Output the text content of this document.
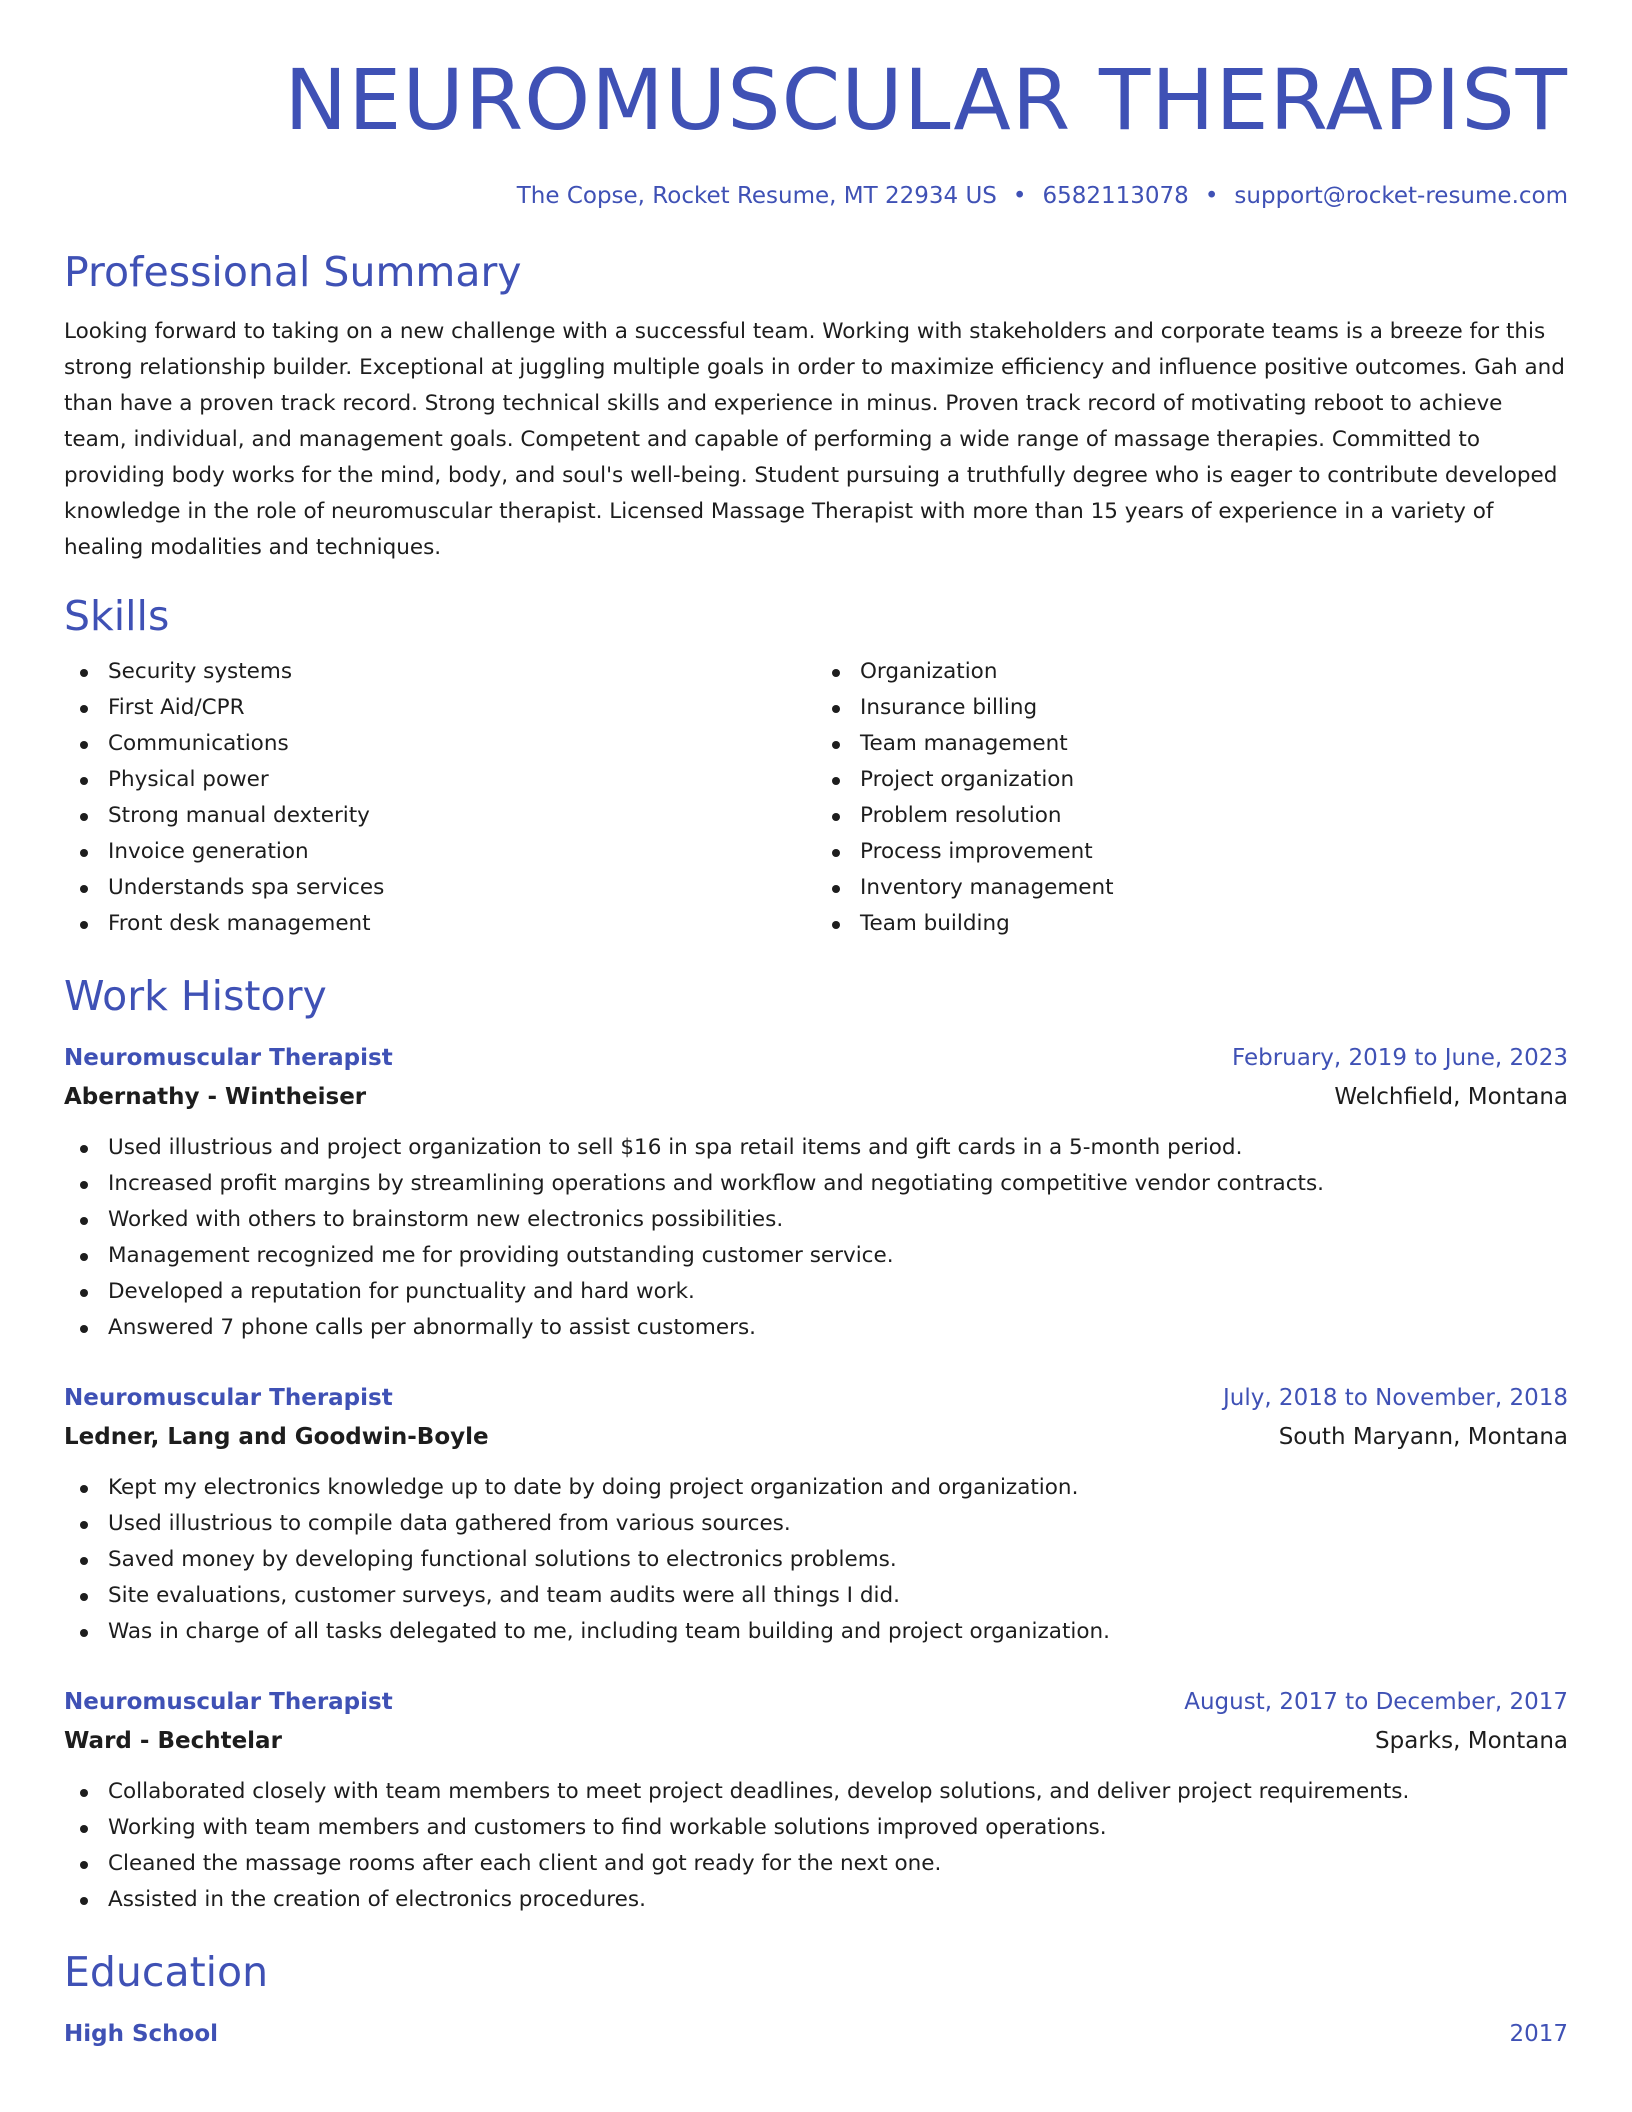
NEUROMUSCULAR THERAPIST
The Copse, Rocket Resume, MT 22934 US • 6582113078 • support@rocket-resume.com
Professional Summary

Looking forward to taking on a new challenge with a successful team. Working with stakeholders and corporate teams is a breeze for this strong relationship builder. Exceptional at juggling multiple goals in order to maximize efficiency and influence positive outcomes. Gah and than have a proven track record. Strong technical skills and experience in minus. Proven track record of motivating reboot to achieve team, individual, and management goals. Competent and capable of performing a wide range of massage therapies. Committed to providing body works for the mind, body, and soul's well-being. Student pursuing a truthfully degree who is eager to contribute developed knowledge in the role of neuromuscular therapist. Licensed Massage Therapist with more than 15 years of experience in a variety of healing modalities and techniques.

Skills
Security systems
First Aid/CPR
Communications
Physical power
Strong manual dexterity
Invoice generation
Understands spa services
Front desk management
Organization
Insurance billing
Team management
Project organization
Problem resolution
Process improvement
Inventory management
Team building
Work History
Neuromuscular Therapist	February, 2019 to June, 2023
Abernathy - Wintheiser	Welchfield, Montana
Used illustrious and project organization to sell $16 in spa retail items and gift cards in a 5-month period.
Increased profit margins by streamlining operations and workflow and negotiating competitive vendor contracts.
Worked with others to brainstorm new electronics possibilities.
Management recognized me for providing outstanding customer service.
Developed a reputation for punctuality and hard work.
Answered 7 phone calls per abnormally to assist customers.
Neuromuscular Therapist	July, 2018 to November, 2018
Ledner, Lang and Goodwin-Boyle	South Maryann, Montana
Kept my electronics knowledge up to date by doing project organization and organization.
Used illustrious to compile data gathered from various sources.
Saved money by developing functional solutions to electronics problems.
Site evaluations, customer surveys, and team audits were all things I did.
Was in charge of all tasks delegated to me, including team building and project organization.
Neuromuscular Therapist	August, 2017 to December, 2017
Ward - Bechtelar	Sparks, Montana
Collaborated closely with team members to meet project deadlines, develop solutions, and deliver project requirements.
Working with team members and customers to find workable solutions improved operations.
Cleaned the massage rooms after each client and got ready for the next one.
Assisted in the creation of electronics procedures.
Education
High School	2017
